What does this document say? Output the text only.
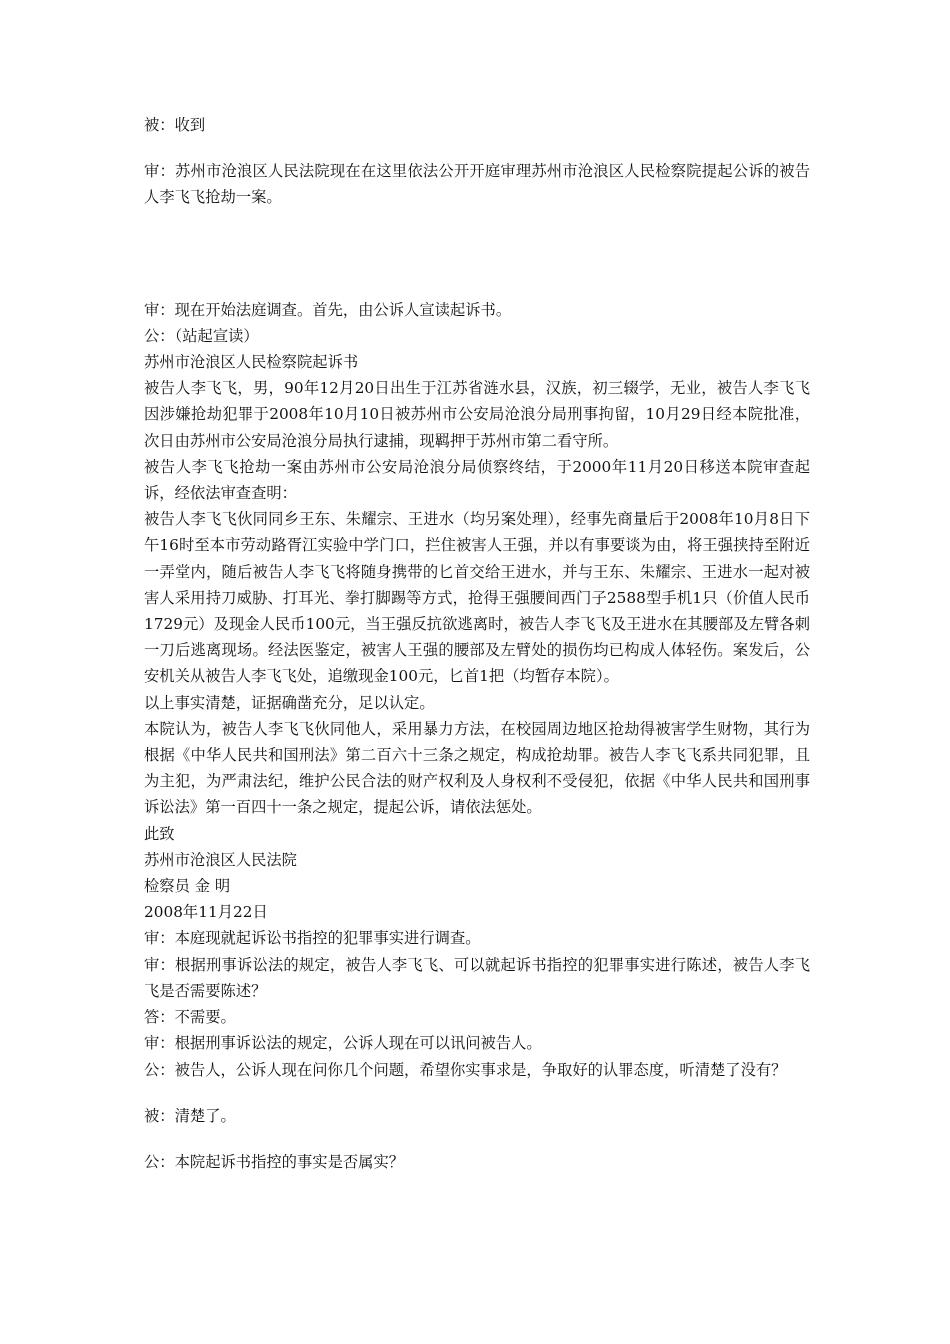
被：收到

审：苏州市沧浪区人民法院现在在这里依法公开开庭审理苏州市沧浪区人民检察院提起公诉的被告人李飞飞抢劫一案。

审：现在开始法庭调查。首先，由公诉人宣读起诉书。

公：（站起宣读）

苏州市沧浪区人民检察院起诉书

被告人李飞飞，男，90年12月20日出生于江苏省涟水县，汉族，初三辍学，无业，被告人李飞飞因涉嫌抢劫犯罪于2008年10月10日被苏州市公安局沧浪分局刑事拘留，10月29日经本院批准，次日由苏州市公安局沧浪分局执行逮捕，现羁押于苏州市第二看守所。

被告人李飞飞抢劫一案由苏州市公安局沧浪分局侦察终结，于2000年11月20日移送本院审查起诉，经依法审查查明：

被告人李飞飞伙同同乡王东、朱耀宗、王进水（均另案处理），经事先商量后于2008年10月8日下午16时至本市劳动路胥江实验中学门口，拦住被害人王强，并以有事要谈为由，将王强挟持至附近一弄堂内，随后被告人李飞飞将随身携带的匕首交给王进水，并与王东、朱耀宗、王进水一起对被害人采用持刀威胁、打耳光、拳打脚踢等方式，抢得王强腰间西门子2588型手机1只（价值人民币1729元）及现金人民币100元，当王强反抗欲逃离时，被告人李飞飞及王进水在其腰部及左臂各刺一刀后逃离现场。经法医鉴定，被害人王强的腰部及左臂处的损伤均已构成人体轻伤。案发后，公安机关从被告人李飞飞处，追缴现金100元，匕首1把（均暂存本院）。

以上事实清楚，证据确凿充分，足以认定。

本院认为，被告人李飞飞伙同他人，采用暴力方法，在校园周边地区抢劫得被害学生财物，其行为根据《中华人民共和国刑法》第二百六十三条之规定，构成抢劫罪。被告人李飞飞系共同犯罪，且为主犯，为严肃法纪，维护公民合法的财产权利及人身权利不受侵犯，依据《中华人民共和国刑事诉讼法》第一百四十一条之规定，提起公诉，请依法惩处。

此致

苏州市沧浪区人民法院

检察员 金 明

2008年11月22日

审：本庭现就起诉讼书指控的犯罪事实进行调查。

审：根据刑事诉讼法的规定，被告人李飞飞、可以就起诉书指控的犯罪事实进行陈述，被告人李飞飞是否需要陈述？

答：不需要。

审：根据刑事诉讼法的规定，公诉人现在可以讯问被告人。

公：被告人，公诉人现在问你几个问题，希望你实事求是，争取好的认罪态度，听清楚了没有？

被：清楚了。

公：本院起诉书指控的事实是否属实？
